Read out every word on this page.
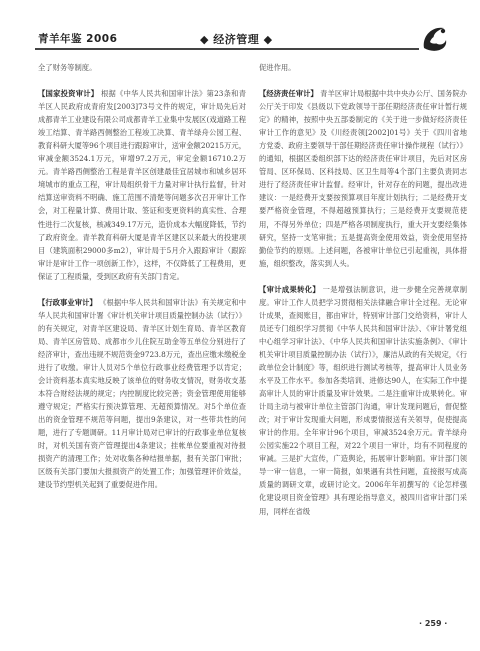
青羊年鉴 2006	◆ 经济管理 ◆

全了财务等制度。

【国家投资审计】 根据《中华人民共和国审计法》第23条和青羊区人民政府成青府发[2003]73号文件的规定，审计局先后对成都青羊工业建设有限公司成都青羊工业集中发展区(戏道路工程竣工结算、青羊路西侧整治工程竣工决算、青羊绿舟公园工程、教育科研大厦等96个项目进行跟踪审计，送审金额20215万元，审减金额3524.1万元，审增97.2万元，审定金额16710.2万元。青羊路西侧整治工程是青羊区创建最佳宜居城市和城乡居环境城市的重点工程，审计局组织骨干力量对审计执行监督，针对结算送审资料不明确、施工范围不清楚等问题多次召开审计工作会，对工程量计算、费用计取、签证和变更资料的真实性、合理性进行二次复核，核减349.17万元，造价成本大幅度降低，节约了政府资金。青羊教育科研大厦是青羊区建区以来最大的投建项目（建筑面积29000多m2），审计局于5月介入跟踪审计（跟踪审计是审计工作一项创新工作），这样，不仅降低了工程费用，更保证了工程质量，受到区政府有关部门肯定。

【行政事业审计】 《根据中华人民共和国审计法》有关规定和中华人民共和国审计署《审计机关审计项目质量控制办法（试行）》的有关规定，对青羊区建设局、青羊区计划生育局、青羊区教育局、青羊区房管局、成都市少儿住院互助金等五单位分别进行了经济审计，查出违规不规范资金9723.8万元，查出应缴未缴税金进行了收缴。审计人员对5个单位行政事业经费管理予以肯定；会计资料基本真实地反映了该单位的财务收支情况，财务收支基本符合财经法规的规定；内控制度比较完善；资金管理使用能够遵守规定；严格实行预决算管理、无超预算情况。对5个单位查出的资金管理不规范等问题，提出9条建议，对一些带共性的问题，进行了专题调研。11月审计局对已审计的行政事业单位复核时，对机关国有资产管理提出4条建议；挂帐单位要重视对待报损资产的清理工作；处对收集各种结报单据，报有关部门审批；区级有关部门要加大报损资产的处置工作；加强管理评价效益，建设节约型机关起到了重要促进作用。

促进作用。

【经济责任审计】 青羊区审计局根据中共中央办公厅、国务院办公厅关于印发《县级以下党政领导干部任期经济责任审计暂行规定》的精神，按照中央五部委制定的《关于进一步做好经济责任审计工作的意见》及《川经责领[2002]01号》关于《四川省地方党委、政府主要领导干部任期经济责任审计操作规程（试行）》的通知，根据区委组织部下达的经济责任审计项目，先后对区房管局、区环保局、区科技局、区卫生局等4个部门主要负责同志进行了经济责任审计监督。经审计，针对存在的问题，提出改进建议：一是经费开支要按预算项目年度计划执行；二是经费开支要严格资金管理，不得超越预算执行；三是经费开支要规范使用，不得另外单位；四是严格各项制度执行，重大开支要经集体研究，坚持一支笔审批；五是提高资金使用效益，资金使用坚持勤俭节约的原则。上述问题，各被审计单位已引起重视，具体措施，组织整改，落实到人头。

【审计成果转化】 一是增强法制意识，进一步健全完善规章制度。审计工作人员把学习贯彻相关法律融合审计全过程。无论审计成果，查阅账目，都由审计，特别审计部门交给资料，审计人员还专门组织学习贯彻《中华人民共和国审计法》、《审计署党组中心组学习审计法》、《中华人民共和国审计法实施条例》、《审计机关审计项目质量控制办法（试行）》，廉洁从政的有关规定，《行政单位会计制度》等，组织进行测试考核等，提高审计人员业务水平及工作水平。参加各类培训、进修达90人，在实际工作中提高审计人员的审计质量及审计效果。二是注重审计成果转化。审计局主动与被审计单位主管部门沟通，审计发现问题后，督促整改；对于审计发现重大问题，形成要情报送有关领导，促使提高审计的作用。全年审计96个项目，审减3524余万元。青羊绿舟公园实施22个项目工程，对22个项目一审计，均有不同程度的审减。三是扩大宣传，广造舆论，拓展审计影响面。审计部门领导一审一信息，一审一简报，如果遇有共性问题，直接报写成高质量的调研文章，或研讨论文。2006年年初撰写的《论怎样强化建设项目资金管理》具有理论指导意义，被四川省审计部门采用，同样在省级

· 259 ·
